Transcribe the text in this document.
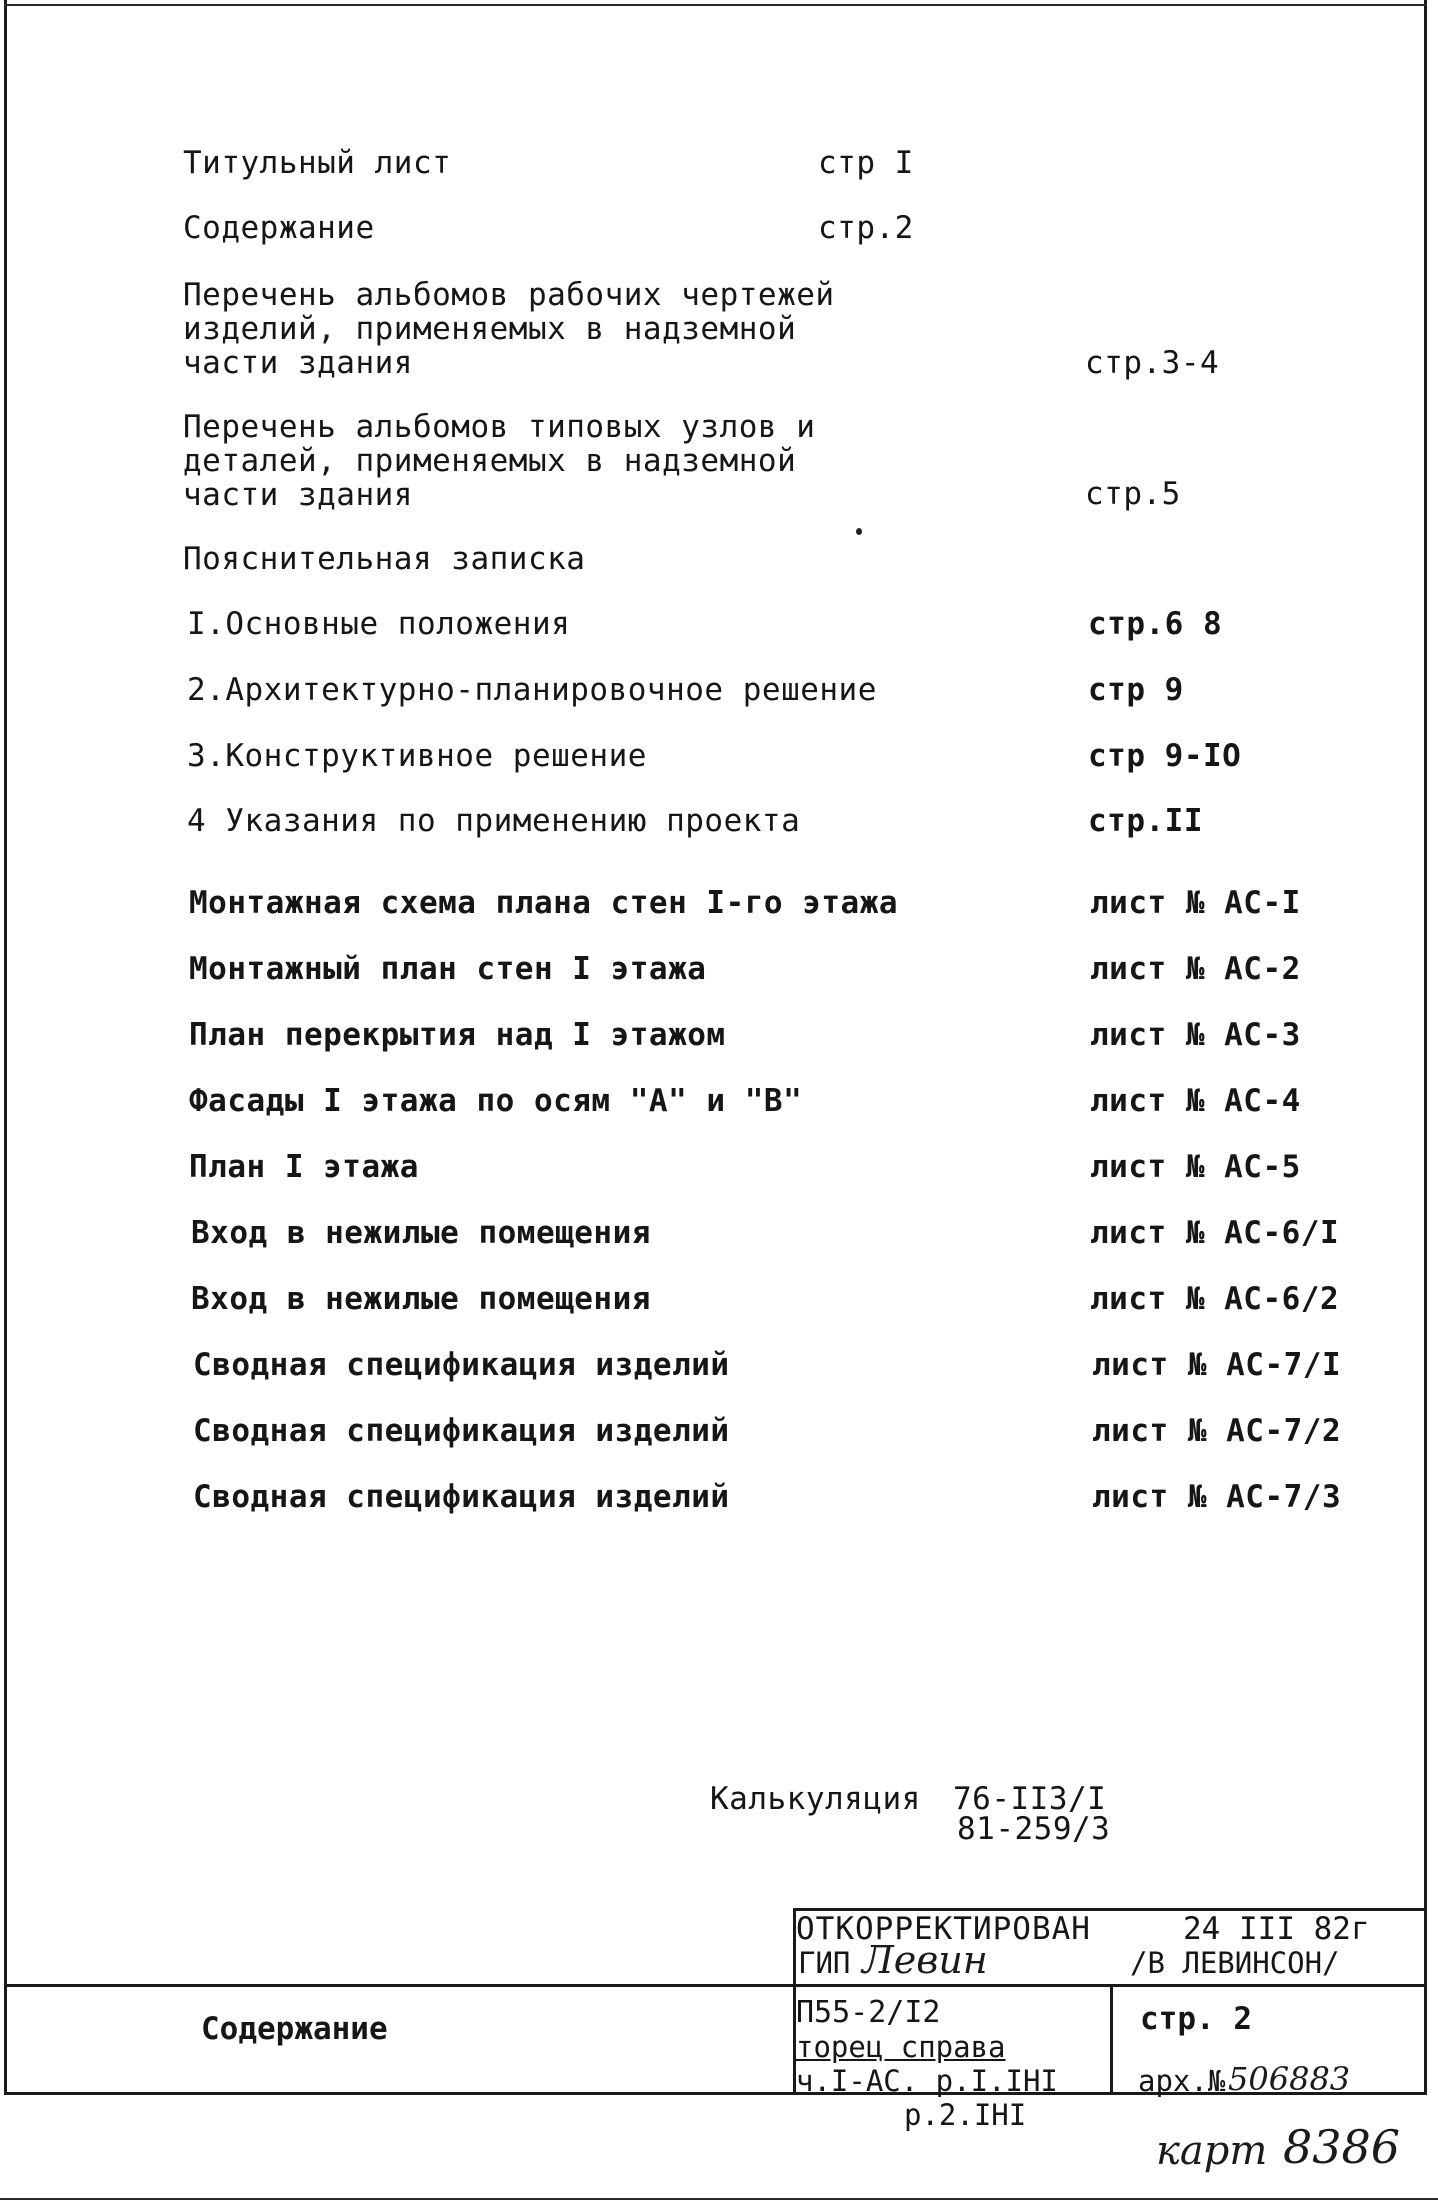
Титульный лист	стр I
Содержание	стр.2
Перечень альбомов рабочих чертежей
изделий, применяемых в надземной
части здания	стр.3-4
Перечень альбомов типовых узлов и
деталей, применяемых в надземной
части здания	стр.5
Пояснительная записка
I.Основные положения	стр.6 8
2.Архитектурно-планировочное решение	стр 9
3.Конструктивное решение	стр 9-IO
4 Указания по применению проекта	стр.II
Монтажная схема плана стен I-го этажа	лист № АС-I
Монтажный план стен I этажа	лист № АС-2
План перекрытия над I этажом	лист № АС-3
Фасады I этажа по осям "А" и "В"	лист № АС-4
План I этажа	лист № АС-5
Вход в нежилые помещения	лист № АС-6/I
Вход в нежилые помещения	лист № АС-6/2
Сводная спецификация изделий	лист № АС-7/I
Сводная спецификация изделий	лист № АС-7/2
Сводная спецификация изделий	лист № АС-7/3
Калькуляция 76-II3/I
81-259/3
ОТКОРРЕКТИРОВАН	24 III 82г
ГИП Левин	/В ЛЕВИНСОН/
Содержание	П55-2/I2
торец справа
ч.I-АС. р.I.IНI
р.2.IНI
стр. 2
арх.№ 506883
карт 8386
